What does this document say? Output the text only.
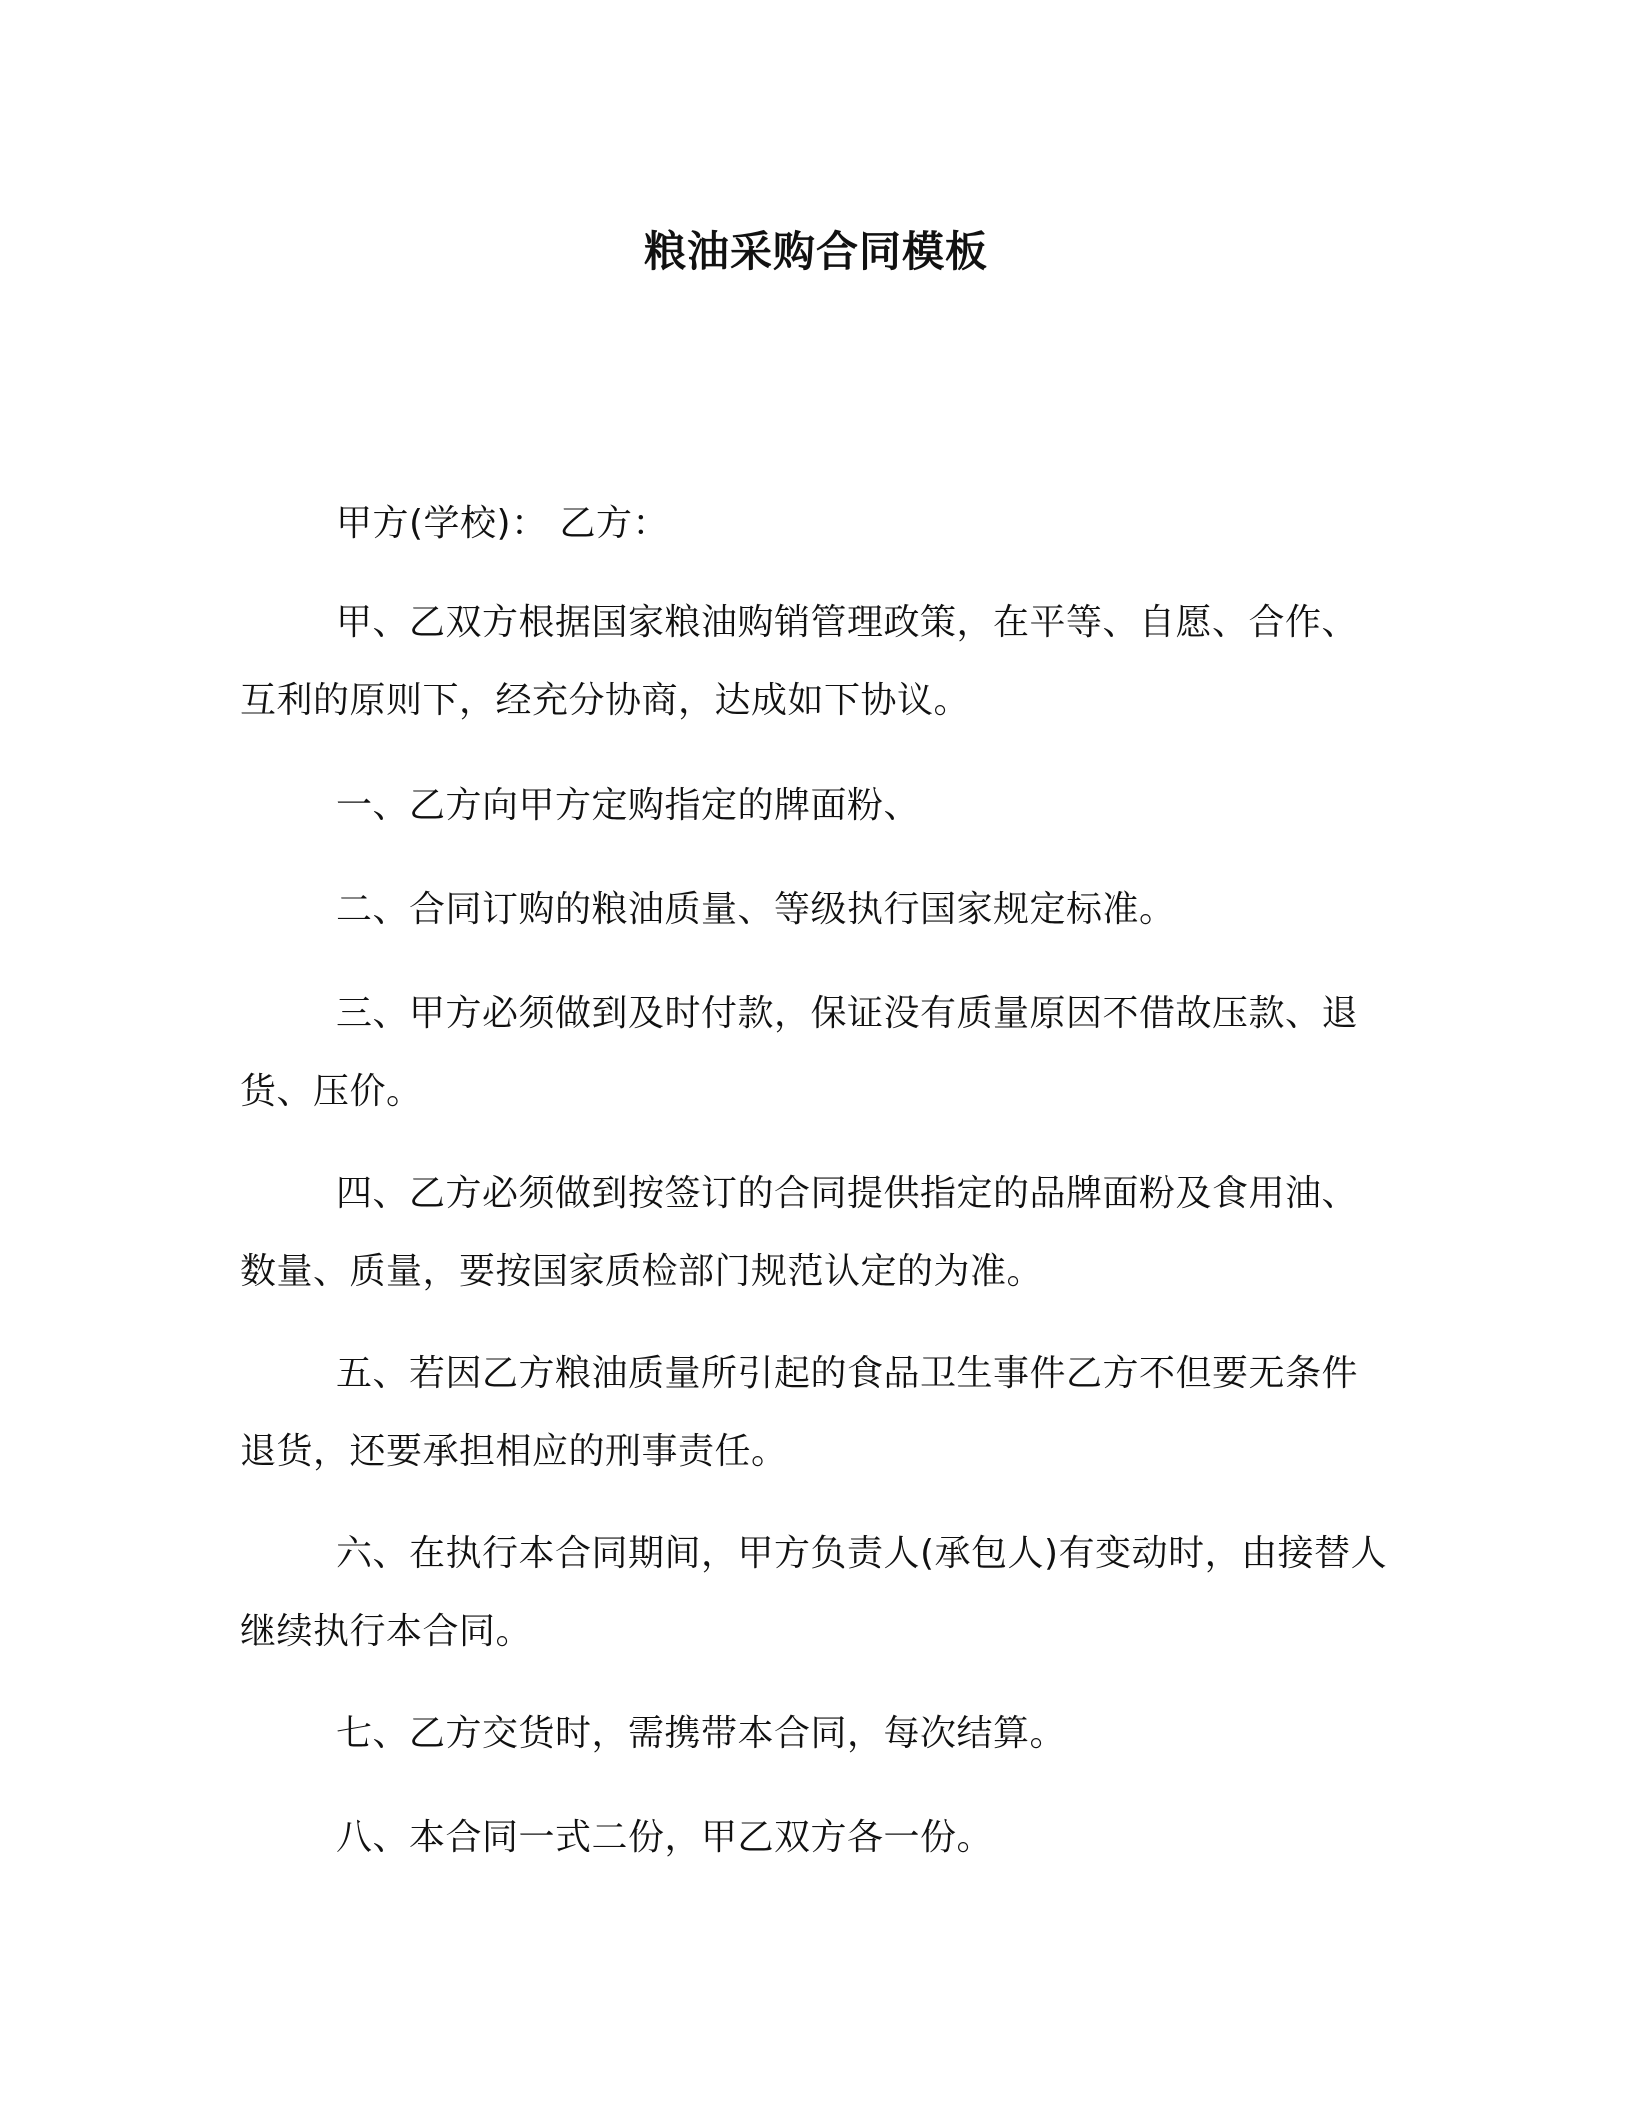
粮油采购合同模板

甲方(学校)： 乙方：

甲、乙双方根据国家粮油购销管理政策，在平等、自愿、合作、互利的原则下，经充分协商，达成如下协议。

一、乙方向甲方定购指定的牌面粉、

二、合同订购的粮油质量、等级执行国家规定标准。

三、甲方必须做到及时付款，保证没有质量原因不借故压款、退货、压价。

四、乙方必须做到按签订的合同提供指定的品牌面粉及食用油、数量、质量，要按国家质检部门规范认定的为准。

五、若因乙方粮油质量所引起的食品卫生事件乙方不但要无条件退货，还要承担相应的刑事责任。

六、在执行本合同期间，甲方负责人(承包人)有变动时，由接替人继续执行本合同。

七、乙方交货时，需携带本合同，每次结算。

八、本合同一式二份，甲乙双方各一份。
